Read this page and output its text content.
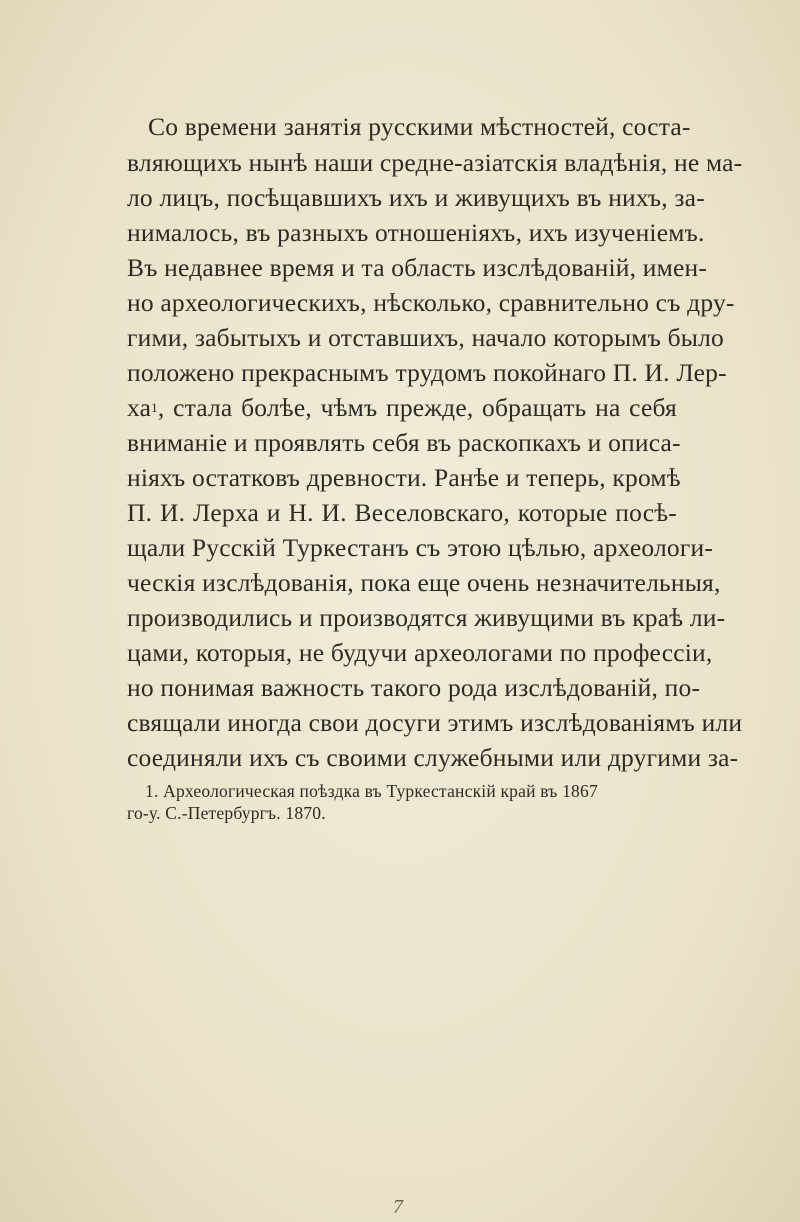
Со времени занятія русскими мѣстностей, соста-
вляющихъ нынѣ наши средне-азіатскія владѣнія, не ма-
ло лицъ, посѣщавшихъ ихъ и живущихъ въ нихъ, за-
нималось, въ разныхъ отношеніяхъ, ихъ изученіемъ.
Въ недавнее время и та область изслѣдованій, имен-
но археологическихъ, нѣсколько, сравнительно съ дру-
гими, забытыхъ и отставшихъ, начало которымъ было
положено прекраснымъ трудомъ покойнаго П. И. Лер-
ха 1 , стала болѣе, чѣмъ прежде, обращать на себя
вниманіе и проявлять себя въ раскопкахъ и описа-
ніяхъ остатковъ древности. Ранѣе и теперь, кромѣ
П. И. Лерха и Н. И. Веселовскаго, которые посѣ-
щали Русскій Туркестанъ съ этою цѣлью, археологи-
ческія изслѣдованія, пока еще очень незначительныя,
производились и производятся живущими въ краѣ ли-
цами, которыя, не будучи археологами по профессіи,
но понимая важность такого рода изслѣдованій, по-
свящали иногда свои досуги этимъ изслѣдованіямъ или
соединяли ихъ съ своими служебными или другими за-
1. Археологическая поѣздка въ Туркестанскій край въ 1867
го-у. С.-Петербургъ. 1870.
7
